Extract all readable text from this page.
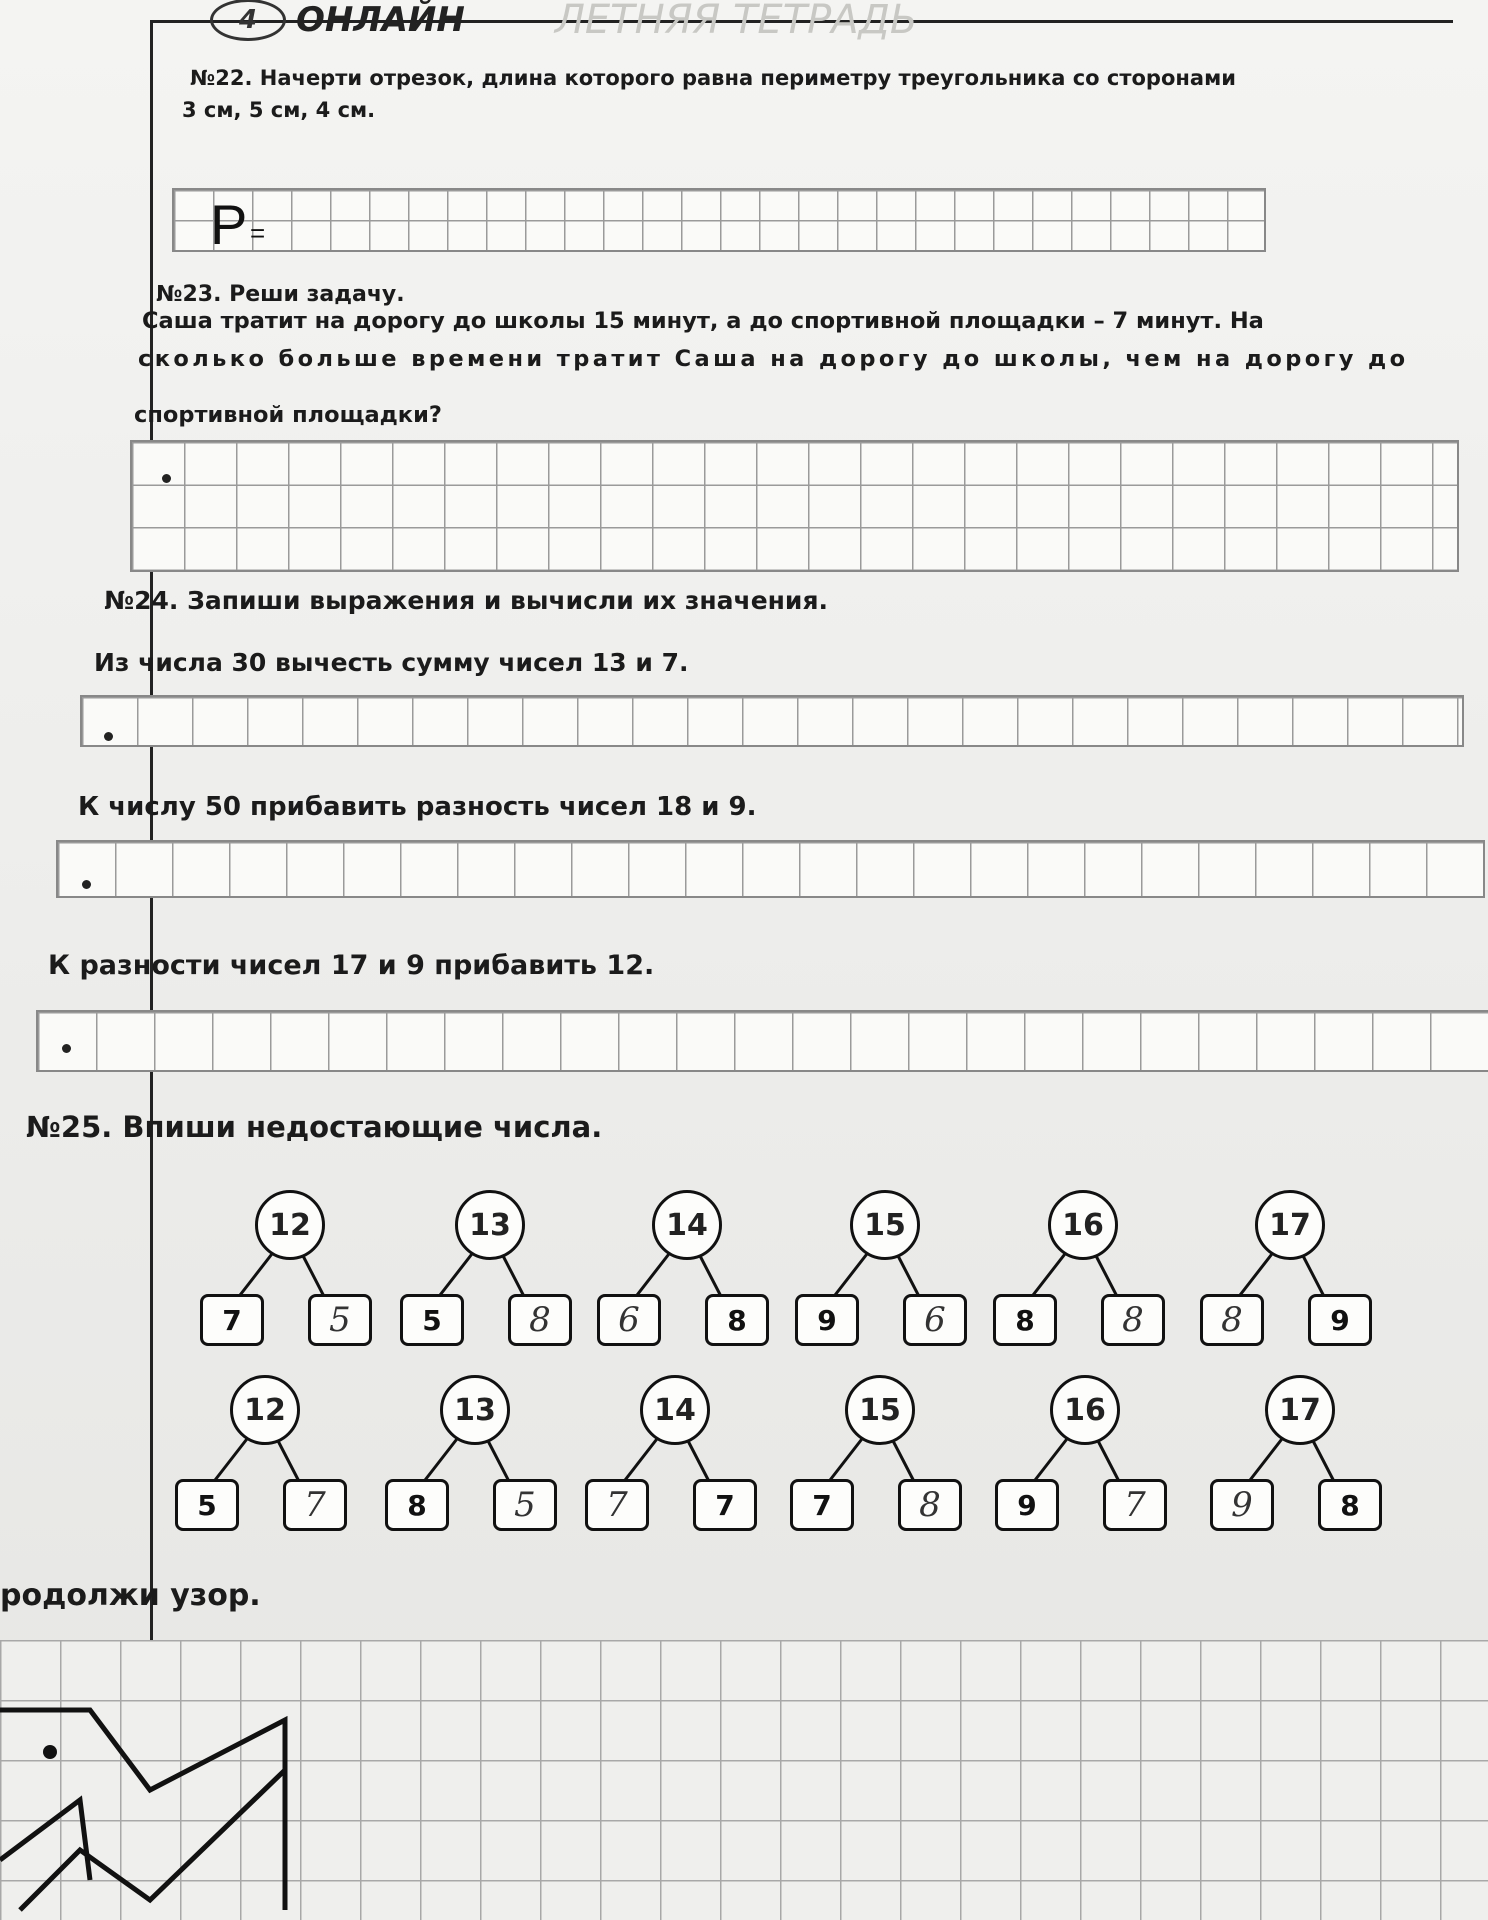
4 ОНЛАЙН ЛЕТНЯЯ ТЕТРАДЬ
№22. Начерти отрезок, длина которого равна периметру треугольника со сторонами
3 см, 5 см, 4 см.
P =
№23. Реши задачу.
Саша тратит на дорогу до школы 15 минут, а до спортивной площадки – 7 минут. На
сколько больше времени тратит Саша на дорогу до школы, чем на дорогу до
спортивной площадки?
№24. Запиши выражения и вычисли их значения.
Из числа 30 вычесть сумму чисел 13 и 7.
К числу 50 прибавить разность чисел 18 и 9.
К разности чисел 17 и 9 прибавить 12.
№25. Впиши недостающие числа.
12
7	5
13
5	8
14
6	8
15
9	6
16
8	8
17
8	9
12
5	7
13
8	5
14
7	7
15
7	8
16
9	7
17
9	8
родолжи узор.
